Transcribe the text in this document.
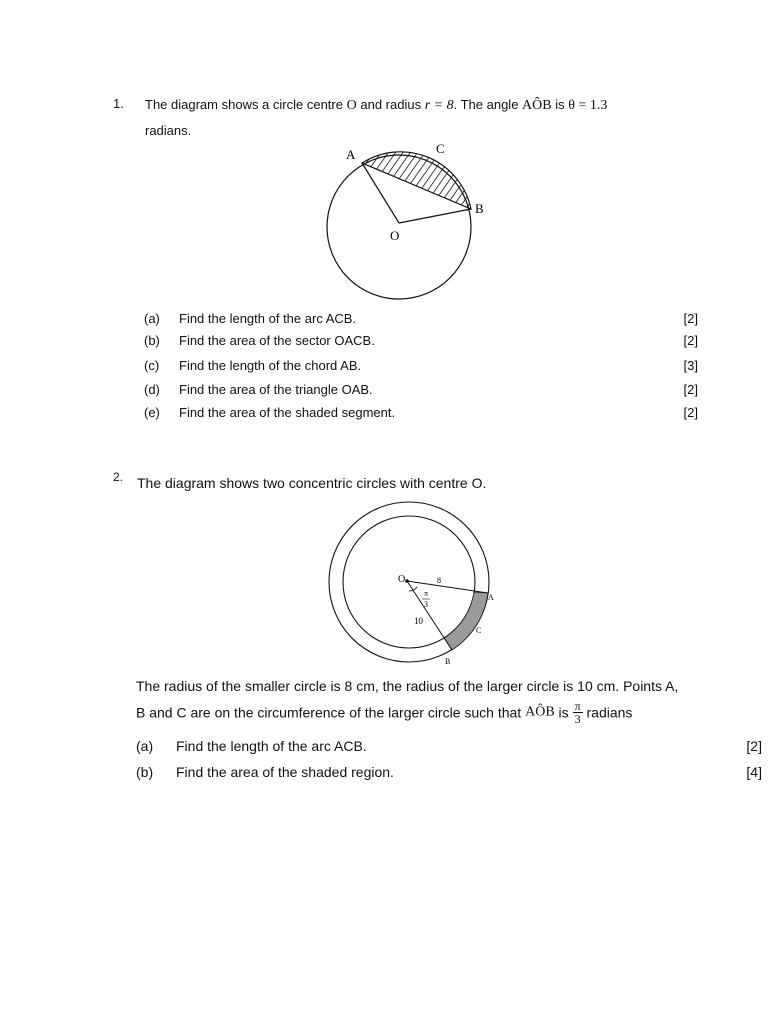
1. The diagram shows a circle centre O and radius r = 8. The angle AÔB is θ = 1.3
radians.
A	C
B
O
(a) Find the length of the arc ACB.	[2]
(b) Find the area of the sector OACB.	[2]
(c) Find the length of the chord AB.	[3]
(d) Find the area of the triangle OAB.	[2]
(e) Find the area of the shaded segment.	[2]
2. The diagram shows two concentric circles with centre O.
O	8
π
3
10
A
C
B
The radius of the smaller circle is 8 cm, the radius of the larger circle is 10 cm. Points A,
B and C are on the circumference of the larger circle such that AÔB is $\frac{\pi}{3}$ radians
(a) Find the length of the arc ACB.	[2]
(b) Find the area of the shaded region.	[4]
